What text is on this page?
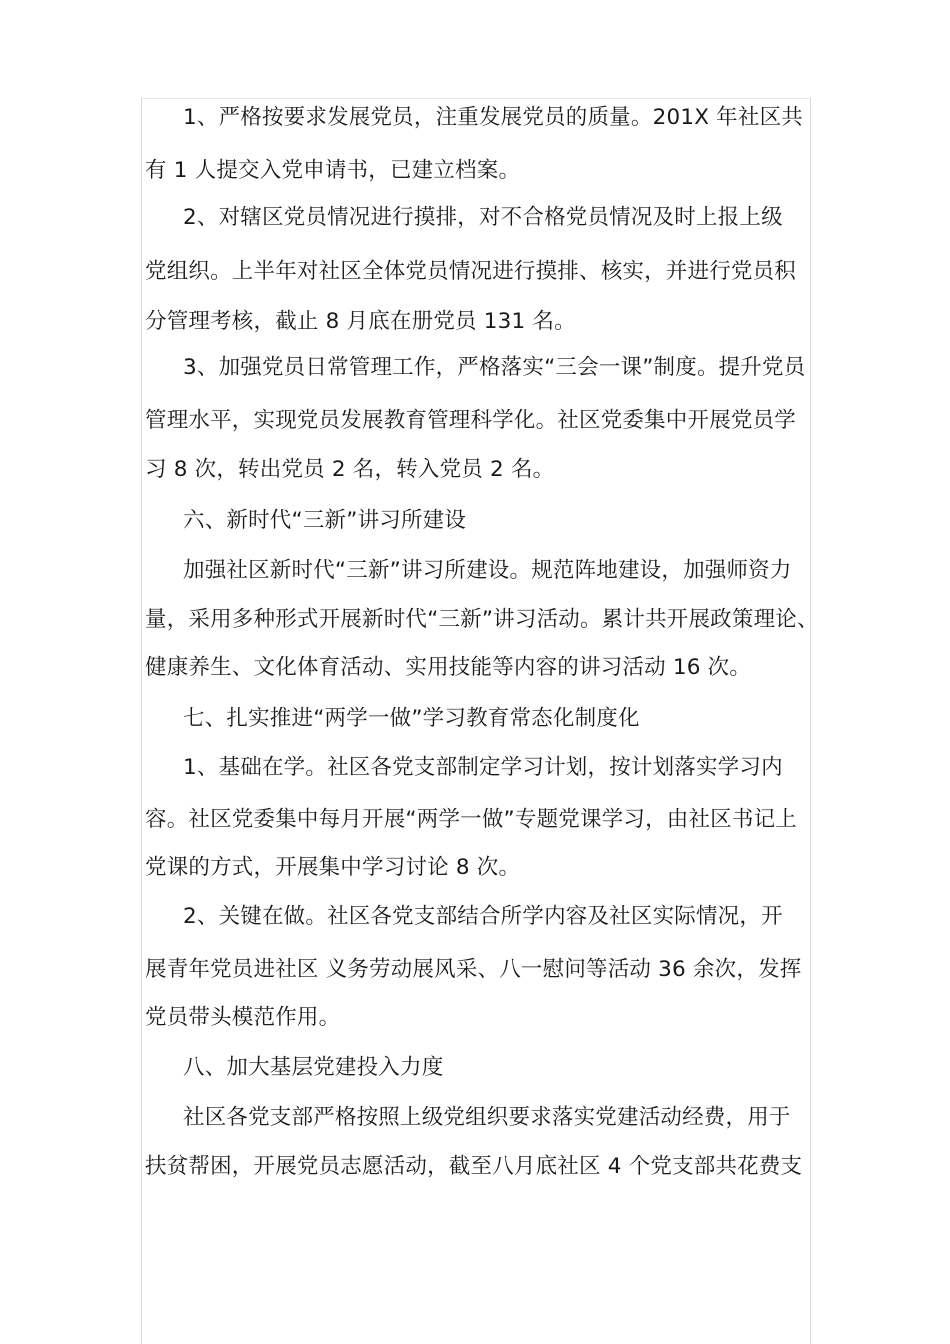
1、严格按要求发展党员，注重发展党员的质量。201X 年社区共
有 1 人提交入党申请书，已建立档案。
2、对辖区党员情况进行摸排，对不合格党员情况及时上报上级
党组织。上半年对社区全体党员情况进行摸排、核实，并进行党员积
分管理考核，截止 8 月底在册党员 131 名。
3、加强党员日常管理工作，严格落实“三会一课”制度。提升党员
管理水平，实现党员发展教育管理科学化。社区党委集中开展党员学
习 8 次，转出党员 2 名，转入党员 2 名。
六、新时代“三新”讲习所建设
加强社区新时代“三新”讲习所建设。规范阵地建设，加强师资力
量，采用多种形式开展新时代“三新”讲习活动。累计共开展政策理论、
健康养生、文化体育活动、实用技能等内容的讲习活动 16 次。
七、扎实推进“两学一做”学习教育常态化制度化
1、基础在学。社区各党支部制定学习计划，按计划落实学习内
容。社区党委集中每月开展“两学一做”专题党课学习，由社区书记上
党课的方式，开展集中学习讨论 8 次。
2、关键在做。社区各党支部结合所学内容及社区实际情况，开
展青年党员进社区 义务劳动展风采、八一慰问等活动 36 余次，发挥
党员带头模范作用。
八、加大基层党建投入力度
社区各党支部严格按照上级党组织要求落实党建活动经费，用于
扶贫帮困，开展党员志愿活动，截至八月底社区 4 个党支部共花费支
